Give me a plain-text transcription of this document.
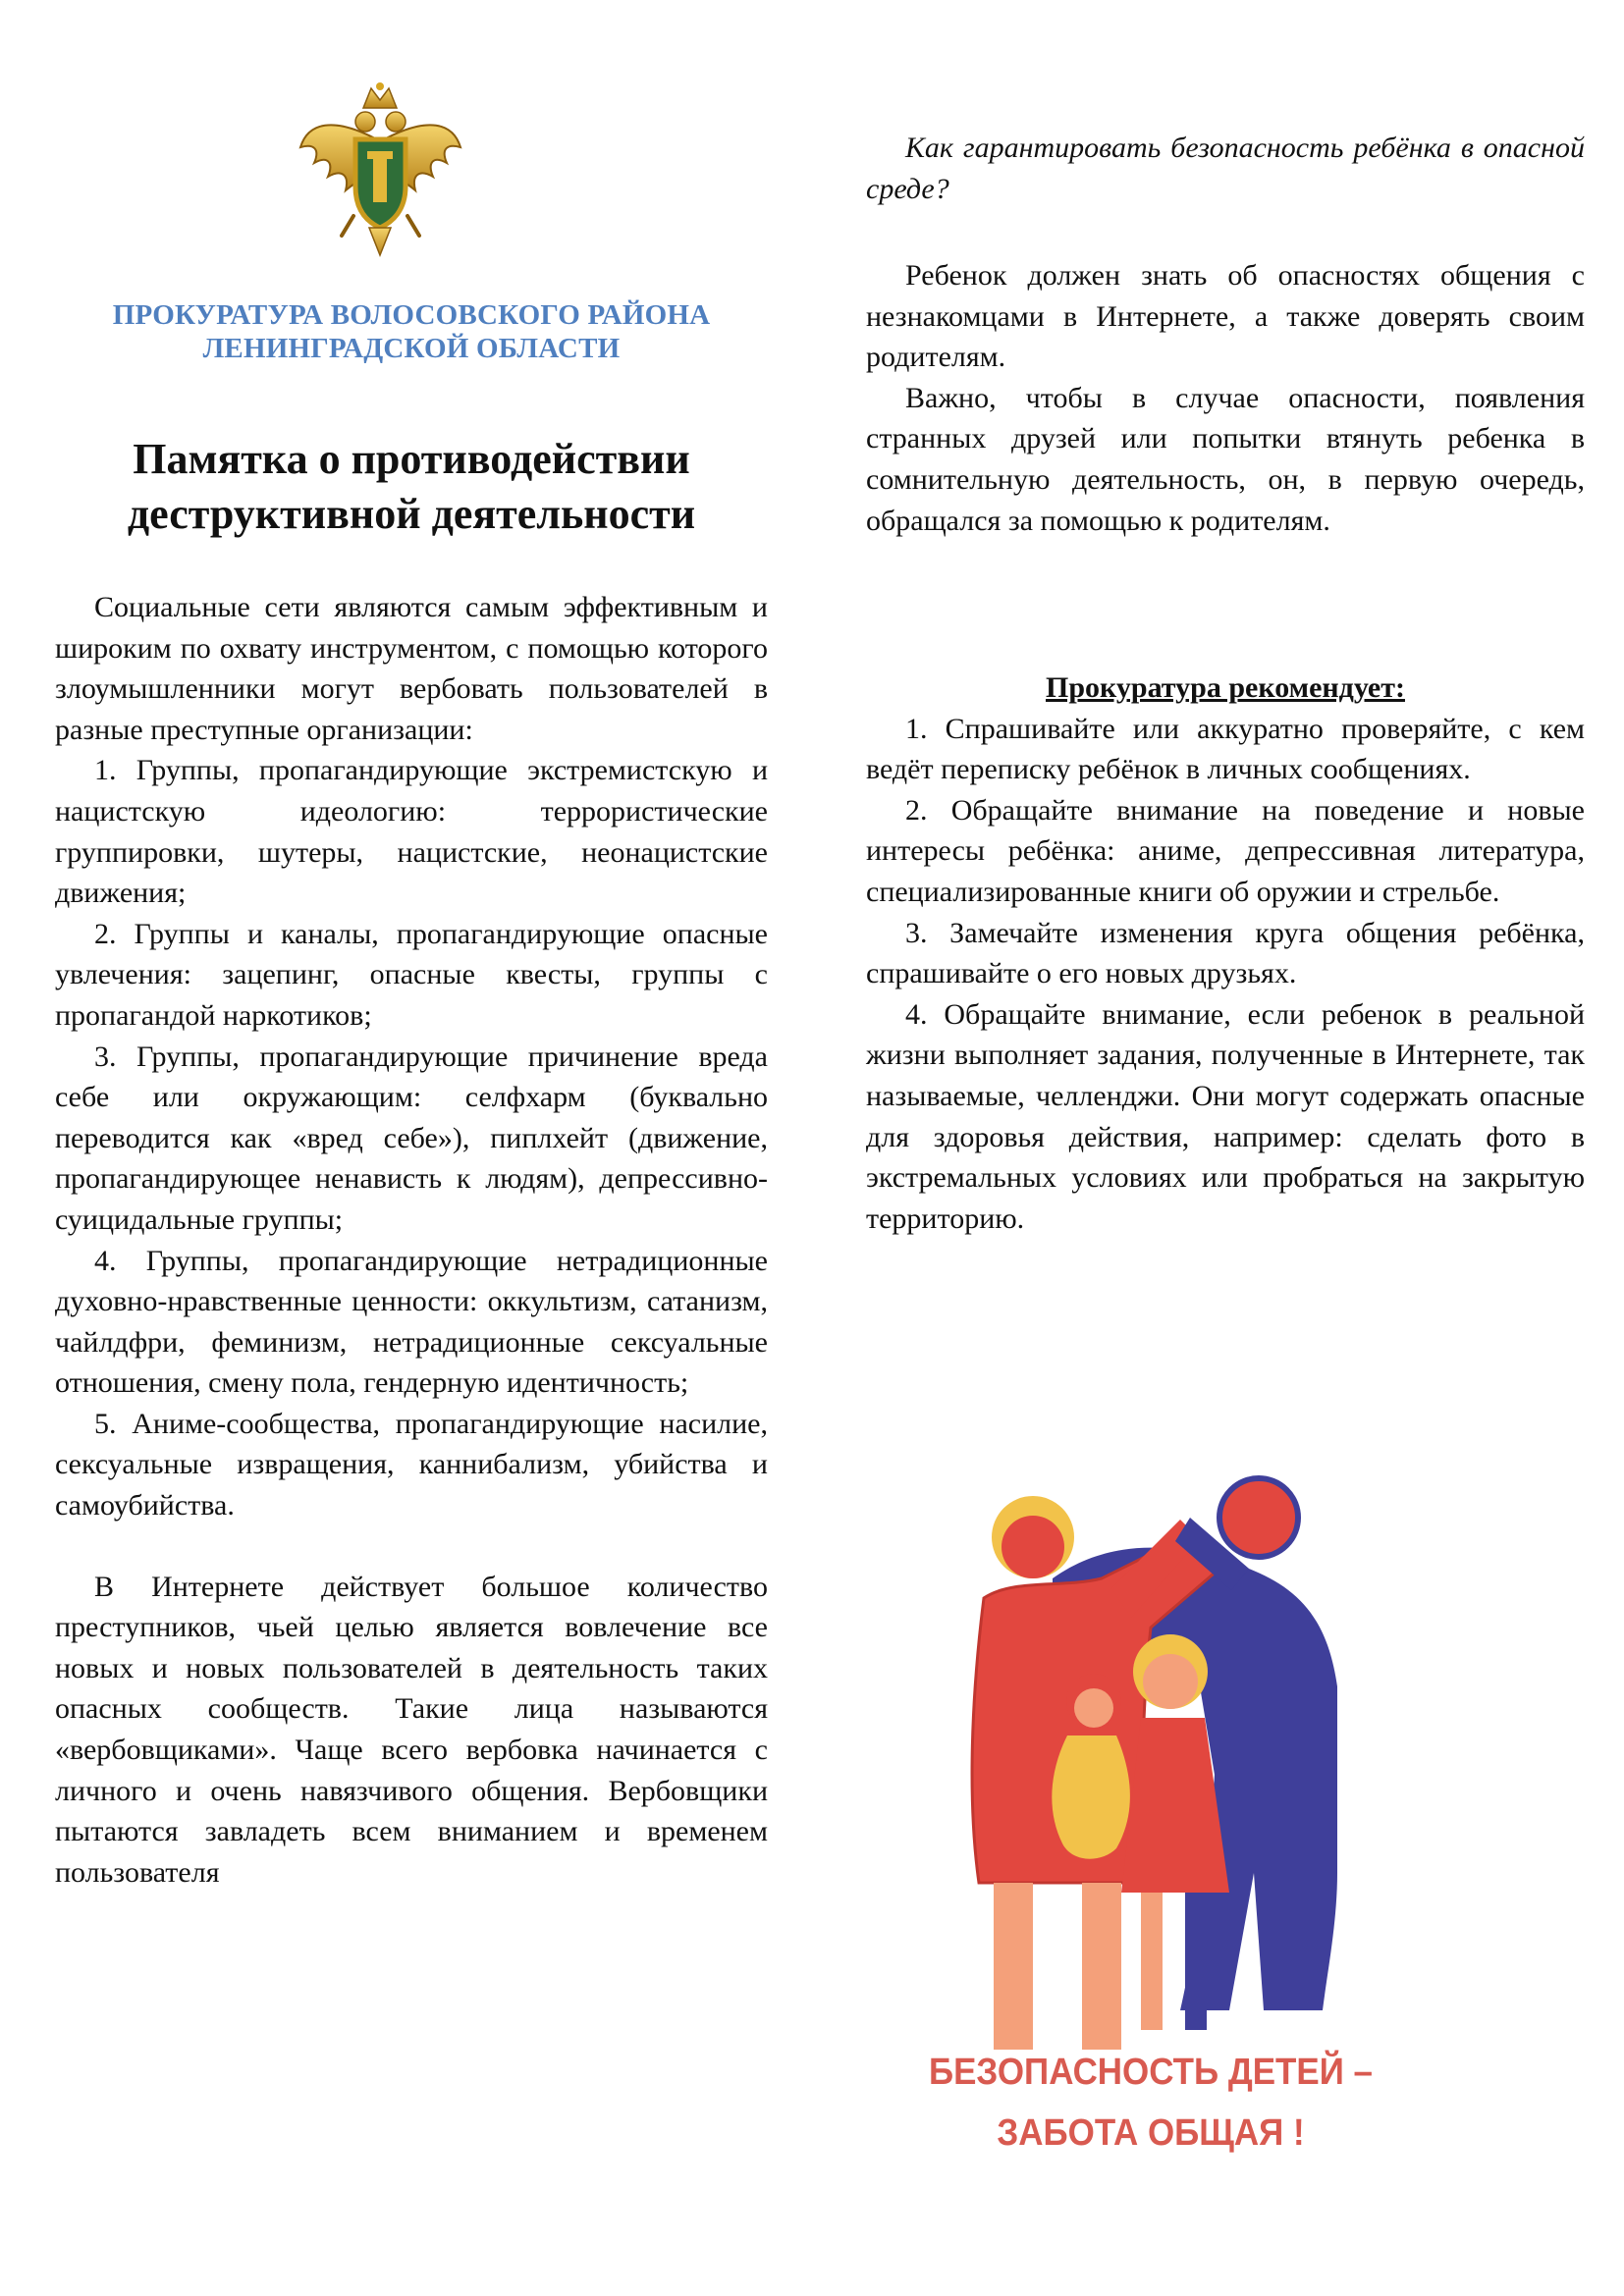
ПРОКУРАТУРА ВОЛОСОВСКОГО РАЙОНА
ЛЕНИНГРАДСКОЙ ОБЛАСТИ
Памятка о противодействии
деструктивной деятельности

Социальные сети являются самым эффективным и широким по охвату инструментом, с помощью которого злоумышленники могут вербовать пользователей в разные преступные организации:

1. Группы, пропагандирующие экстремистскую и нацистскую идеологию: террористические группировки, шутеры, нацистские, неонацистские движения;

2. Группы и каналы, пропагандирующие опасные увлечения: зацепинг, опасные квесты, группы с пропагандой наркотиков;

3. Группы, пропагандирующие причинение вреда себе или окружающим: селфхарм (буквально переводится как «вред себе»), пиплхейт (движение, пропагандирующее ненависть к людям), депрессивно-суицидальные группы;

4. Группы, пропагандирующие нетрадиционные духовно-нравственные ценности: оккультизм, сатанизм, чайлдфри, феминизм, нетрадиционные сексуальные отношения, смену пола, гендерную идентичность;

5. Аниме-сообщества, пропагандирующие насилие, сексуальные извращения, каннибализм, убийства и самоубийства.

В Интернете действует большое количество преступников, чьей целью является вовлечение все новых и новых пользователей в деятельность таких опасных сообществ. Такие лица называются «вербовщиками». Чаще всего вербовка начинается с личного и очень навязчивого общения. Вербовщики пытаются завладеть всем вниманием и временем пользователя

Как гарантировать безопасность ребёнка в опасной среде?

Ребенок должен знать об опасностях общения с незнакомцами в Интернете, а также доверять своим родителям.

Важно, чтобы в случае опасности, появления странных друзей или попытки втянуть ребенка в сомнительную деятельность, он, в первую очередь, обращался за помощью к родителям.

Прокуратура рекомендует:

1. Спрашивайте или аккуратно проверяйте, с кем ведёт переписку ребёнок в личных сообщениях.

2. Обращайте внимание на поведение и новые интересы ребёнка: аниме, депрессивная литература, специализированные книги об оружии и стрельбе.

3. Замечайте изменения круга общения ребёнка, спрашивайте о его новых друзьях.

4. Обращайте внимание, если ребенок в реальной жизни выполняет задания, полученные в Интернете, так называемые, челленджи. Они могут содержать опасные для здоровья действия, например: сделать фото в экстремальных условиях или пробраться на закрытую территорию.

БЕЗОПАСНОСТЬ ДЕТЕЙ –
ЗАБОТА ОБЩАЯ !
